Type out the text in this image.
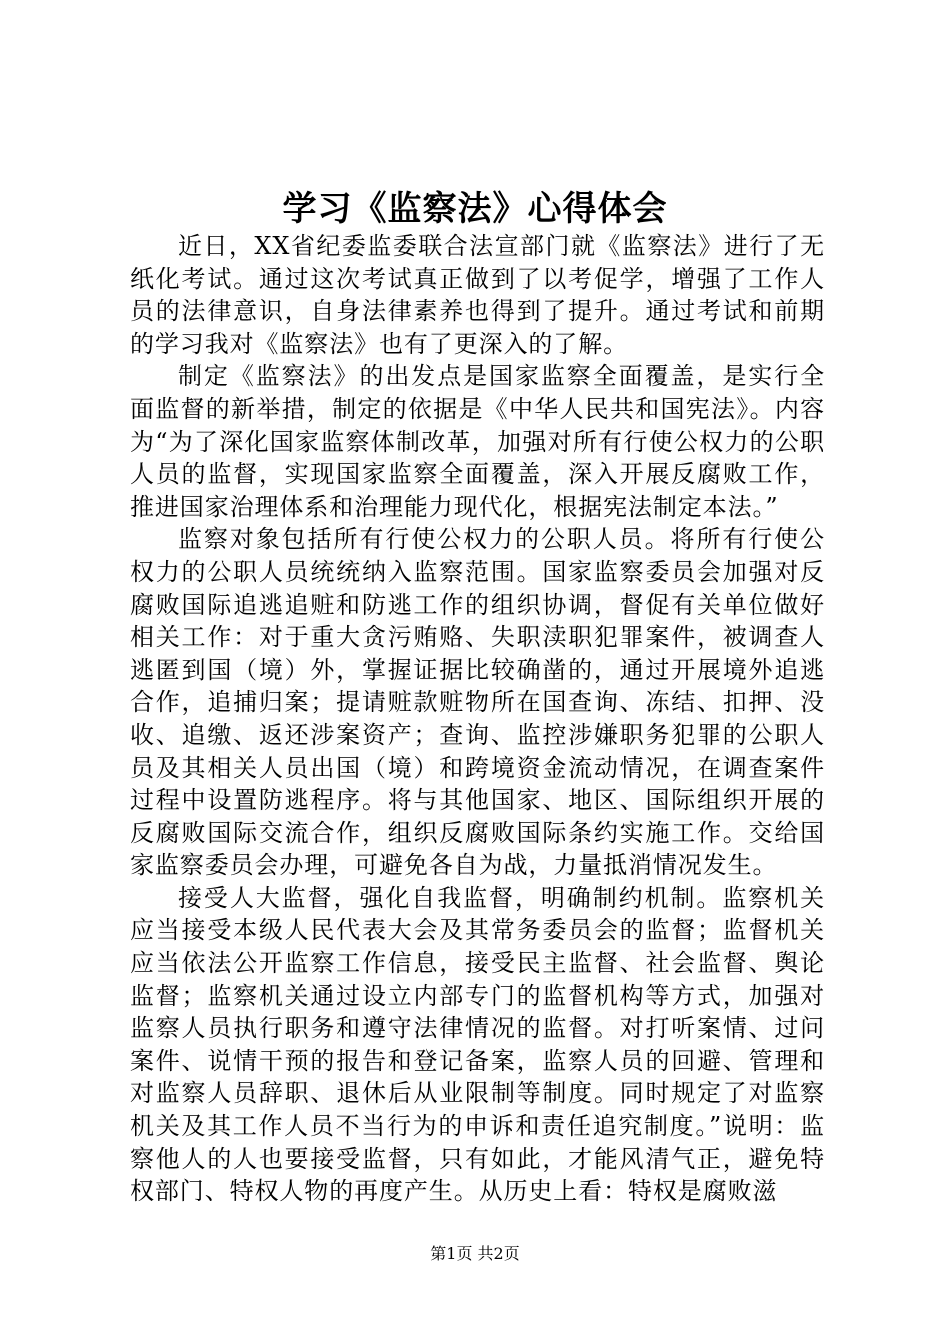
学习《监察法》心得体会

近日，XX省纪委监委联合法宣部门就《监察法》进行了无纸化考试。通过这次考试真正做到了以考促学，增强了工作人员的法律意识，自身法律素养也得到了提升。通过考试和前期的学习我对《监察法》也有了更深入的了解。

制定《监察法》的出发点是国家监察全面覆盖，是实行全面监督的新举措，制定的依据是《中华人民共和国宪法》。内容为“为了深化国家监察体制改革，加强对所有行使公权力的公职人员的监督，实现国家监察全面覆盖，深入开展反腐败工作，推进国家治理体系和治理能力现代化，根据宪法制定本法。”

监察对象包括所有行使公权力的公职人员。将所有行使公权力的公职人员统统纳入监察范围。国家监察委员会加强对反腐败国际追逃追赃和防逃工作的组织协调，督促有关单位做好相关工作：对于重大贪污贿赂、失职渎职犯罪案件，被调查人逃匿到国（境）外，掌握证据比较确凿的，通过开展境外追逃合作，追捕归案；提请赃款赃物所在国查询、冻结、扣押、没收、追缴、返还涉案资产；查询、监控涉嫌职务犯罪的公职人员及其相关人员出国（境）和跨境资金流动情况，在调查案件过程中设置防逃程序。将与其他国家、地区、国际组织开展的反腐败国际交流合作，组织反腐败国际条约实施工作。交给国家监察委员会办理，可避免各自为战，力量抵消情况发生。

接受人大监督，强化自我监督，明确制约机制。监察机关应当接受本级人民代表大会及其常务委员会的监督；监督机关应当依法公开监察工作信息，接受民主监督、社会监督、舆论监督；监察机关通过设立内部专门的监督机构等方式，加强对监察人员执行职务和遵守法律情况的监督。对打听案情、过问案件、说情干预的报告和登记备案，监察人员的回避、管理和对监察人员辞职、退休后从业限制等制度。同时规定了对监察机关及其工作人员不当行为的申诉和责任追究制度。”说明：监察他人的人也要接受监督，只有如此，才能风清气正，避免特权部门、特权人物的再度产生。从历史上看：特权是腐败滋

第1页 共2页
